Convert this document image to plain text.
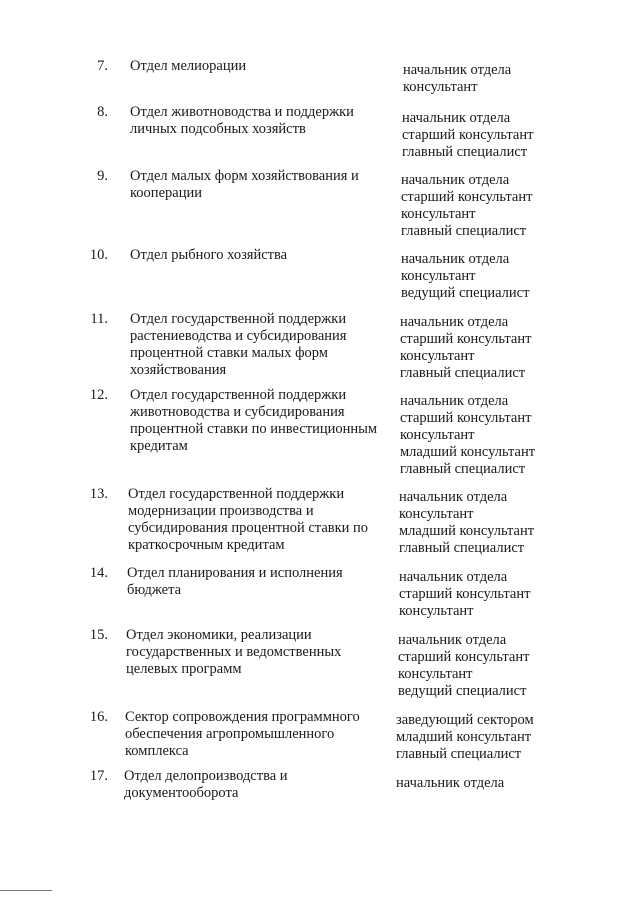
7. Отдел мелиорации	начальник отдела
консультант
8. Отдел животноводства и поддержки
личных подсобных хозяйств
начальник отдела
старший консультант
главный специалист
9. Отдел малых форм хозяйствования и
кооперации
начальник отдела
старший консультант
консультант
главный специалист
10. Отдел рыбного хозяйства	начальник отдела
консультант
ведущий специалист
11. Отдел государственной поддержки
растениеводства и субсидирования
процентной ставки малых форм
хозяйствования
начальник отдела
старший консультант
консультант
главный специалист
12. Отдел государственной поддержки
животноводства и субсидирования
процентной ставки по инвестиционным
кредитам
начальник отдела
старший консультант
консультант
младший консультант
главный специалист
13. Отдел государственной поддержки
модернизации производства и
субсидирования процентной ставки по
краткосрочным кредитам
начальник отдела
консультант
младший консультант
главный специалист
14. Отдел планирования и исполнения
бюджета
начальник отдела
старший консультант
консультант
15. Отдел экономики, реализации
государственных и ведомственных
целевых программ
начальник отдела
старший консультант
консультант
ведущий специалист
16. Сектор сопровождения программного
обеспечения агропромышленного
комплекса
заведующий сектором
младший консультант
главный специалист
17. Отдел делопроизводства и
документооборота
начальник отдела
